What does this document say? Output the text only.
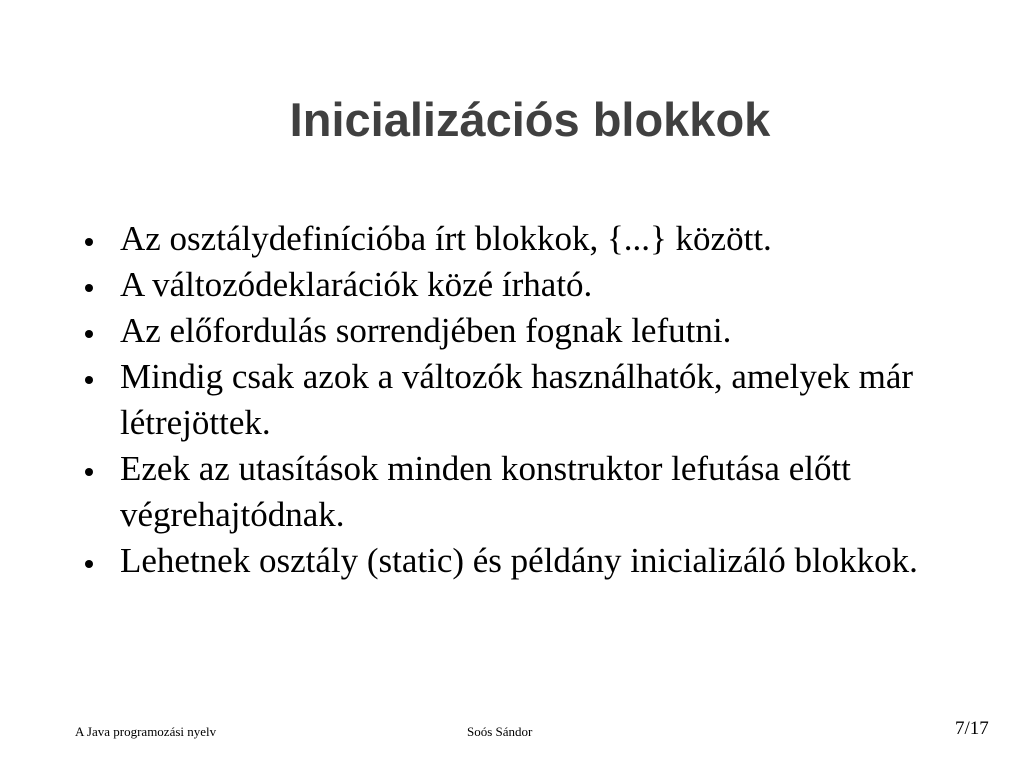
Inicializációs blokkok
Az osztálydefinícióba írt blokkok, {...} között.
A változódeklarációk közé írható.
Az előfordulás sorrendjében fognak lefutni.
Mindig csak azok a változók használhatók, amelyek már létrejöttek.
Ezek az utasítások minden konstruktor lefutása előtt végrehajtódnak.
Lehetnek osztály (static) és példány inicializáló blokkok.
A Java programozási nyelv	Soós Sándor	7/17
